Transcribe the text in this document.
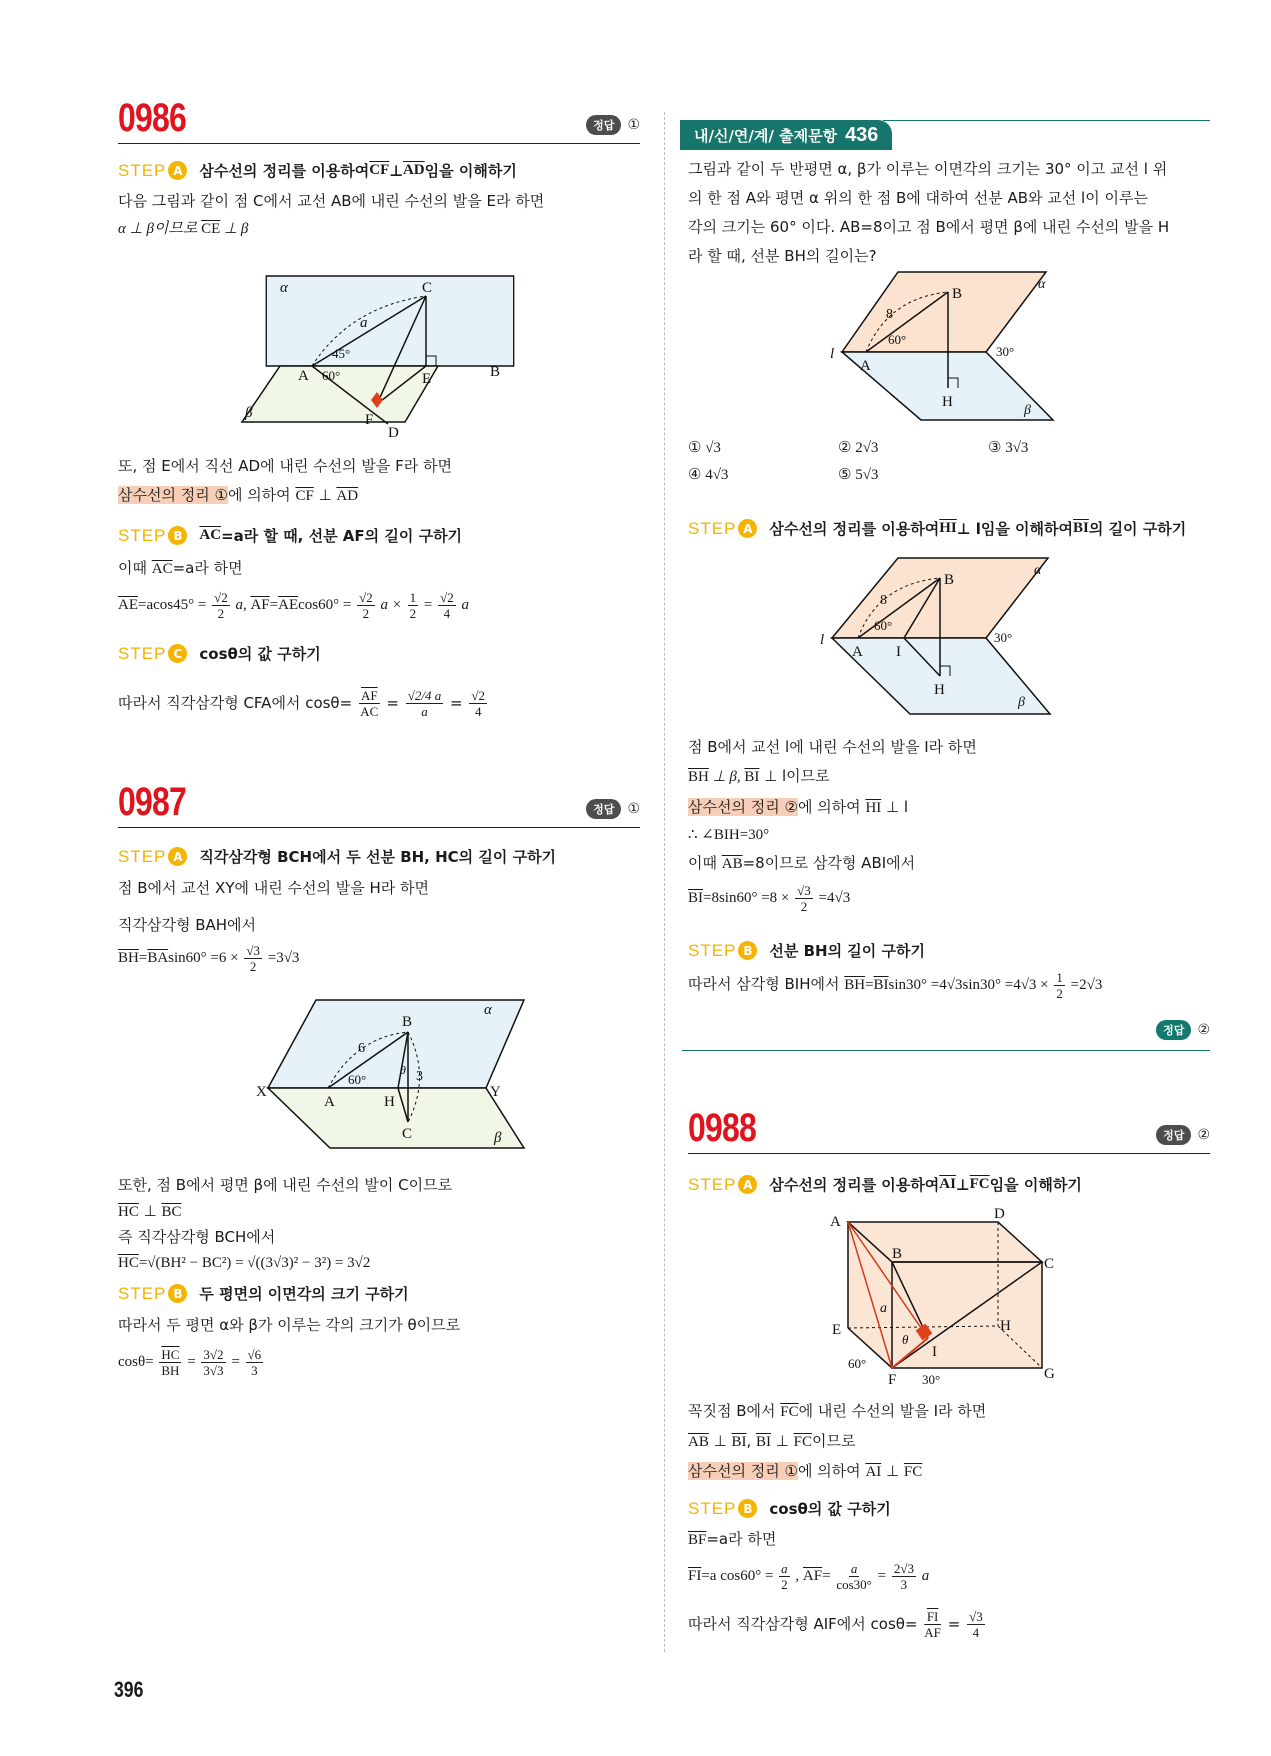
0986	정답 ①
STEP A	삼수선의 정리를 이용하여 $\overline{CF}$ ⊥ $\overline{AD}$ 임을 이해하기
다음 그림과 같이 점 C에서 교선 AB에 내린 수선의 발을 E라 하면
α ⊥ β이므로 $\overline{CE}$ ⊥ β
α
β
C
a
45°
60°
A	E	B
F
D
또, 점 E에서 직선 AD에 내린 수선의 발을 F라 하면
삼수선의 정리 ①에 의하여 $\overline{CF}$ ⊥ $\overline{AD}$
STEP B	$\overline{AC} =a$라 할 때, 선분 AF의 길이 구하기
이때 $\overline{AC}=a$라 하면
$\overline{AE}=acos45^\circ = \frac{√2}{2} a$, $\overline{AF}=\overline{AE}\cos 60^\circ = \frac{√2}{2}$ $a \times \frac{1}{2} = \frac{√2}{4}$ a
STEP C	cosθ의 값 구하기
따라서 직각삼각형 CFA에서 $\cos\theta= \frac{\overline{AF}}{AC} = \frac{√2/4 a}{a} = \frac{√2}{4}$
0987	정답 ①
STEP A	직각삼각형 BCH에서 두 선분 BH, HC의 길이 구하기
점 B에서 교선 XY에 내린 수선의 발을 H라 하면
직각삼각형 BAH에서
$\overline{BH}=\overline{BA}\sin 60^\circ =6 \times \frac{√3}{2} =3√3$
α
β
X	Y
A	H
B
C
6
3
60°
θ
또한, 점 B에서 평면 β에 내린 수선의 발이 C이므로
$\overline{HC}$ ⊥ $\overline{BC}$
즉 직각삼각형 BCH에서
$\overline{HC}=√(BH^2 - BC^2) = √((3√3)^2 - 3^2) = 3√2$
STEP B	두 평면의 이면각의 크기 구하기
따라서 두 평면 α와 β가 이루는 각의 크기가 θ이므로
$\cos\theta= \frac{\overline{HC}}{BH} = \frac{3√2}{3√3} = \frac{√6}{3}$
내/신/연/계/ 출제문항 436
그림과 같이 두 반평면 α, β가 이루는 이면각의 크기는 30° 이고 교선 l 위
의 한 점 A와 평면 α 위의 한 점 B에 대하여 선분 AB와 교선 l이 이루는
각의 크기는 60° 이다. AB=8이고 점 B에서 평면 β에 내린 수선의 발을 H
라 할 때, 선분 BH의 길이는?
α
β
l
A
B
H
8
60°
30°
① √3	② 2√3	③ 3√3
④ 4√3	⑤ 5√3
STEP A	삼수선의 정리를 이용하여 $\overline{HI}$ ⊥ l임을 이해하여 $\overline{BI}$ 의 길이 구하기
α
β
l
A I
B
H
8
60°
30°
점 B에서 교선 l에 내린 수선의 발을 I라 하면
$\overline{BH}$ ⊥ β, $\overline{BI}$ ⊥ l이므로
삼수선의 정리 ②에 의하여 $\overline{HI}$ ⊥ l
∴ ∠BIH=30°
이때 $\overline{AB}=8$이므로 삼각형 ABI에서
$\overline{BI}=8\sin 60^\circ =8 \times \frac{√3}{2} =4√3$
STEP B	선분 BH의 길이 구하기
따라서 삼각형 BIH에서 $\overline{BH}=\overline{BI}\sin 30^\circ =4√3\sin 30^\circ =4√3 \times \frac{1}{2} =2√3$
정답 ②
0988	정답 ②
STEP A	삼수선의 정리를 이용하여 $\overline{AI}$ ⊥ $\overline{FC}$ 임을 이해하기
A	D
B
C
E	H
G
F
I
a
θ
60°
30°
꼭짓점 B에서 $\overline{FC}$에 내린 수선의 발을 I라 하면
$\overline{AB}$ ⊥ $\overline{BI}$, $\overline{BI}$ ⊥ $\overline{FC}$이므로
삼수선의 정리 ①에 의하여 $\overline{AI}$ ⊥ $\overline{FC}$
STEP B	cosθ의 값 구하기
$\overline{BF}=a$라 하면
$\overline{FI}=a$ $\cos 60^\circ = \frac{a}{2}$ , $\overline{AF}= \frac{a}{\cos 30^\circ} = \frac{2√3}{3}$ a
따라서 직각삼각형 AIF에서 $\cos\theta= \frac{\overline{FI}}{AF} = \frac{√3}{4}$
396
